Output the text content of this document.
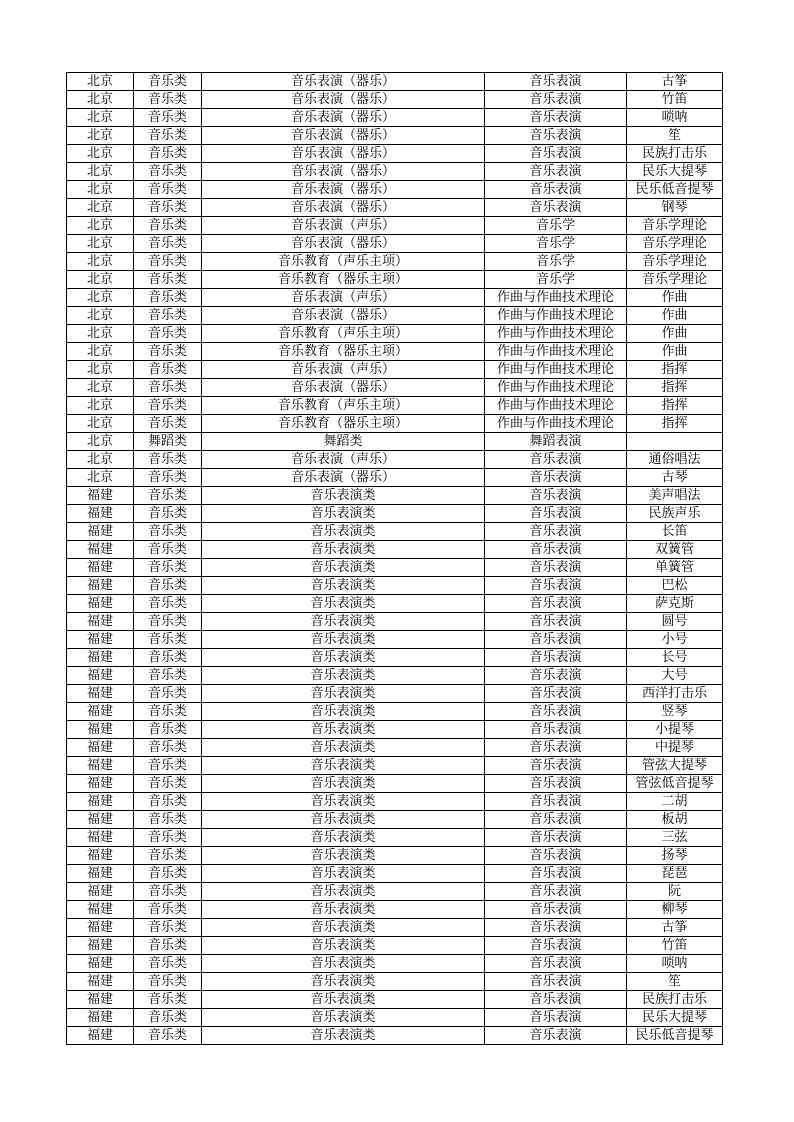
北京	音乐类	音乐表演（器乐）	音乐表演	古筝
北京	音乐类	音乐表演（器乐）	音乐表演	竹笛
北京	音乐类	音乐表演（器乐）	音乐表演	唢呐
北京	音乐类	音乐表演（器乐）	音乐表演	笙
北京	音乐类	音乐表演（器乐）	音乐表演	民族打击乐
北京	音乐类	音乐表演（器乐）	音乐表演	民乐大提琴
北京	音乐类	音乐表演（器乐）	音乐表演	民乐低音提琴
北京	音乐类	音乐表演（器乐）	音乐表演	钢琴
北京	音乐类	音乐表演（声乐）	音乐学	音乐学理论
北京	音乐类	音乐表演（器乐）	音乐学	音乐学理论
北京	音乐类	音乐教育（声乐主项）	音乐学	音乐学理论
北京	音乐类	音乐教育（器乐主项）	音乐学	音乐学理论
北京	音乐类	音乐表演（声乐）	作曲与作曲技术理论	作曲
北京	音乐类	音乐表演（器乐）	作曲与作曲技术理论	作曲
北京	音乐类	音乐教育（声乐主项）	作曲与作曲技术理论	作曲
北京	音乐类	音乐教育（器乐主项）	作曲与作曲技术理论	作曲
北京	音乐类	音乐表演（声乐）	作曲与作曲技术理论	指挥
北京	音乐类	音乐表演（器乐）	作曲与作曲技术理论	指挥
北京	音乐类	音乐教育（声乐主项）	作曲与作曲技术理论	指挥
北京	音乐类	音乐教育（器乐主项）	作曲与作曲技术理论	指挥
北京	舞蹈类	舞蹈类	舞蹈表演	
北京	音乐类	音乐表演（声乐）	音乐表演	通俗唱法
北京	音乐类	音乐表演（器乐）	音乐表演	古琴
福建	音乐类	音乐表演类	音乐表演	美声唱法
福建	音乐类	音乐表演类	音乐表演	民族声乐
福建	音乐类	音乐表演类	音乐表演	长笛
福建	音乐类	音乐表演类	音乐表演	双簧管
福建	音乐类	音乐表演类	音乐表演	单簧管
福建	音乐类	音乐表演类	音乐表演	巴松
福建	音乐类	音乐表演类	音乐表演	萨克斯
福建	音乐类	音乐表演类	音乐表演	圆号
福建	音乐类	音乐表演类	音乐表演	小号
福建	音乐类	音乐表演类	音乐表演	长号
福建	音乐类	音乐表演类	音乐表演	大号
福建	音乐类	音乐表演类	音乐表演	西洋打击乐
福建	音乐类	音乐表演类	音乐表演	竖琴
福建	音乐类	音乐表演类	音乐表演	小提琴
福建	音乐类	音乐表演类	音乐表演	中提琴
福建	音乐类	音乐表演类	音乐表演	管弦大提琴
福建	音乐类	音乐表演类	音乐表演	管弦低音提琴
福建	音乐类	音乐表演类	音乐表演	二胡
福建	音乐类	音乐表演类	音乐表演	板胡
福建	音乐类	音乐表演类	音乐表演	三弦
福建	音乐类	音乐表演类	音乐表演	扬琴
福建	音乐类	音乐表演类	音乐表演	琵琶
福建	音乐类	音乐表演类	音乐表演	阮
福建	音乐类	音乐表演类	音乐表演	柳琴
福建	音乐类	音乐表演类	音乐表演	古筝
福建	音乐类	音乐表演类	音乐表演	竹笛
福建	音乐类	音乐表演类	音乐表演	唢呐
福建	音乐类	音乐表演类	音乐表演	笙
福建	音乐类	音乐表演类	音乐表演	民族打击乐
福建	音乐类	音乐表演类	音乐表演	民乐大提琴
福建	音乐类	音乐表演类	音乐表演	民乐低音提琴
